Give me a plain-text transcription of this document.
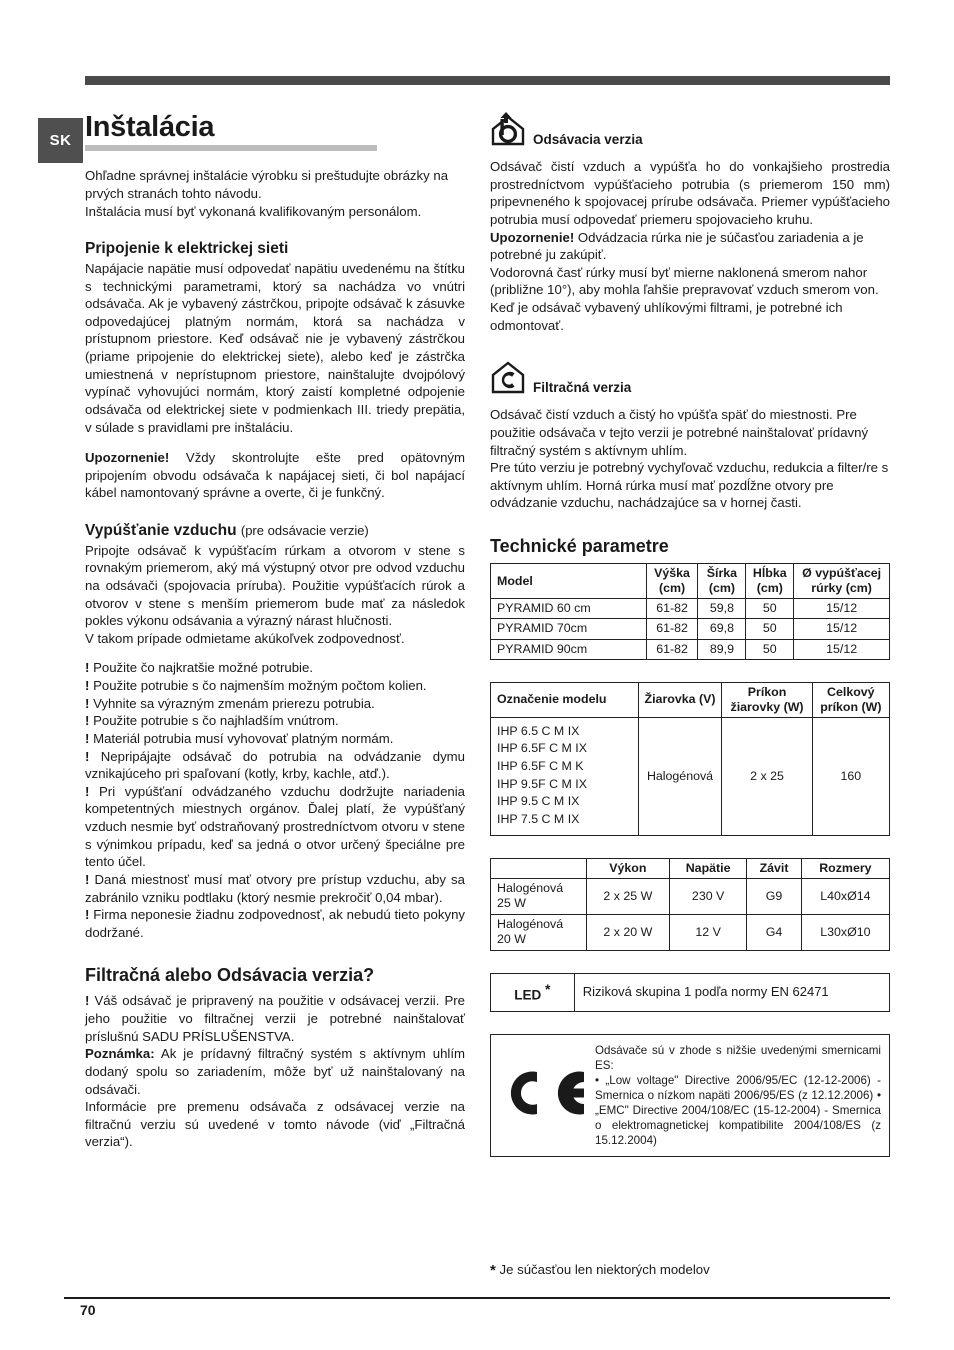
SK Inštalácia

Ohľadne správnej inštalácie výrobku si preštudujte obrázky na prvých stranách tohto návodu.
Inštalácia musí byť vykonaná kvalifikovaným personálom.

Pripojenie k elektrickej sieti

Napájacie napätie musí odpovedať napätiu uvedenému na štítku s technickými parametrami, ktorý sa nachádza vo vnútri odsávača. Ak je vybavený zástrčkou, pripojte odsávač k zásuvke odpovedajúcej platným normám, ktorá sa nachádza v prístupnom priestore. Keď odsávač nie je vybavený zástrčkou (priame pripojenie do elektrickej siete), alebo keď je zástrčka umiestnená v neprístupnom priestore, nainštalujte dvojpólový vypínač vyhovujúci normám, ktorý zaistí kompletné odpojenie odsávača od elektrickej siete v podmienkach III. triedy prepätia, v súlade s pravidlami pre inštaláciu.

Upozornenie! Vždy skontrolujte ešte pred opätovným pripojením obvodu odsávača k napájacej sieti, či bol napájací kábel namontovaný správne a overte, či je funkčný.

Vypúšťanie vzduchu (pre odsávacie verzie)

Pripojte odsávač k vypúšťacím rúrkam a otvorom v stene s rovnakým priemerom, aký má výstupný otvor pre odvod vzduchu na odsávači (spojovacia príruba). Použitie vypúšťacích rúrok a otvorov v stene s menším priemerom bude mať za následok pokles výkonu odsávania a výrazný nárast hlučnosti.

V takom prípade odmietame akúkoľvek zodpovednosť.

! Použite čo najkratšie možné potrubie.
! Použite potrubie s čo najmenším možným počtom kolien.
! Vyhnite sa výrazným zmenám prierezu potrubia.
! Použite potrubie s čo najhladším vnútrom.
! Materiál potrubia musí vyhovovať platným normám.
! Nepripájajte odsávač do potrubia na odvádzanie dymu vznikajúceho pri spaľovaní (kotly, krby, kachle, atď.).
! Pri vypúšťaní odvádzaného vzduchu dodržujte nariadenia kompetentných miestnych orgánov. Ďalej platí, že vypúšťaný vzduch nesmie byť odstraňovaný prostredníctvom otvoru v stene s výnimkou prípadu, keď sa jedná o otvor určený špeciálne pre tento účel.
! Daná miestnosť musí mať otvory pre prístup vzduchu, aby sa zabránilo vzniku podtlaku (ktorý nesmie prekročiť 0,04 mbar).
! Firma neponesie žiadnu zodpovednosť, ak nebudú tieto pokyny dodržané.
Filtračná alebo Odsávacia verzia?

! Váš odsávač je pripravený na použitie v odsávacej verzii. Pre jeho použitie vo filtračnej verzii je potrebné nainštalovať príslušnú SADU PRÍSLUŠENSTVA.

Poznámka: Ak je prídavný filtračný systém s aktívnym uhlím dodaný spolu so zariadením, môže byť už nainštalovaný na odsávači.

Informácie pre premenu odsávača z odsávacej verzie na filtračnú verziu sú uvedené v tomto návode (viď „Filtračná verzia“).

Odsávacia verzia

Odsávač čistí vzduch a vypúšťa ho do vonkajšieho prostredia prostredníctvom vypúšťacieho potrubia (s priemerom 150 mm) pripevneného k spojovacej prírube odsávača. Priemer vypúšťacieho potrubia musí odpovedať priemeru spojovacieho kruhu.

Upozornenie! Odvádzacia rúrka nie je súčasťou zariadenia a je potrebné ju zakúpiť.

Vodorovná časť rúrky musí byť mierne naklonená smerom nahor (približne 10°), aby mohla ľahšie prepravovať vzduch smerom von. Keď je odsávač vybavený uhlíkovými filtrami, je potrebné ich odmontovať.

Filtračná verzia

Odsávač čistí vzduch a čistý ho vpúšťa späť do miestnosti. Pre použitie odsávača v tejto verzii je potrebné nainštalovať prídavný filtračný systém s aktívnym uhlím.

Pre túto verziu je potrebný vychyľovač vzduchu, redukcia a filter/re s aktívnym uhlím. Horná rúrka musí mať pozdĺžne otvory pre odvádzanie vzduchu, nachádzajúce sa v hornej časti.

Technické parametre
Model	Výška
(cm)	Šírka
(cm)	Hĺbka
(cm)	Ø vypúšťacej
rúrky (cm)
PYRAMID 60 cm	61-82	59,8	50	15/12
PYRAMID 70cm	61-82	69,8	50	15/12
PYRAMID 90cm	61-82	89,9	50	15/12
Označenie modelu	Žiarovka (V)	Príkon
žiarovky (W)	Celkový
príkon (W)
IHP 6.5 C M IX
IHP 6.5F C M IX
IHP 6.5F C M K
IHP 9.5F C M IX
IHP 9.5 C M IX
IHP 7.5 C M IX	Halogénová	2 x 25	160
	Výkon	Napätie	Závit	Rozmery
Halogénová
25 W	2 x 25 W	230 V	G9	L40xØ14
Halogénová
20 W	2 x 20 W	12 V	G4	L30xØ10
LED *	Riziková skupina 1 podľa normy EN 62471
Odsávače sú v zhode s nižšie uvedenými smernicami ES:
• „Low voltage" Directive 2006/95/EC (12-12-2006) - Smernica o nízkom napäti 2006/95/ES (z 12.12.2006) • „EMC" Directive 2004/108/EC (15-12-2004) - Smernica o elektromagnetickej kompatibilite 2004/108/ES (z 15.12.2004)
* Je súčasťou len niektorých modelov
70
